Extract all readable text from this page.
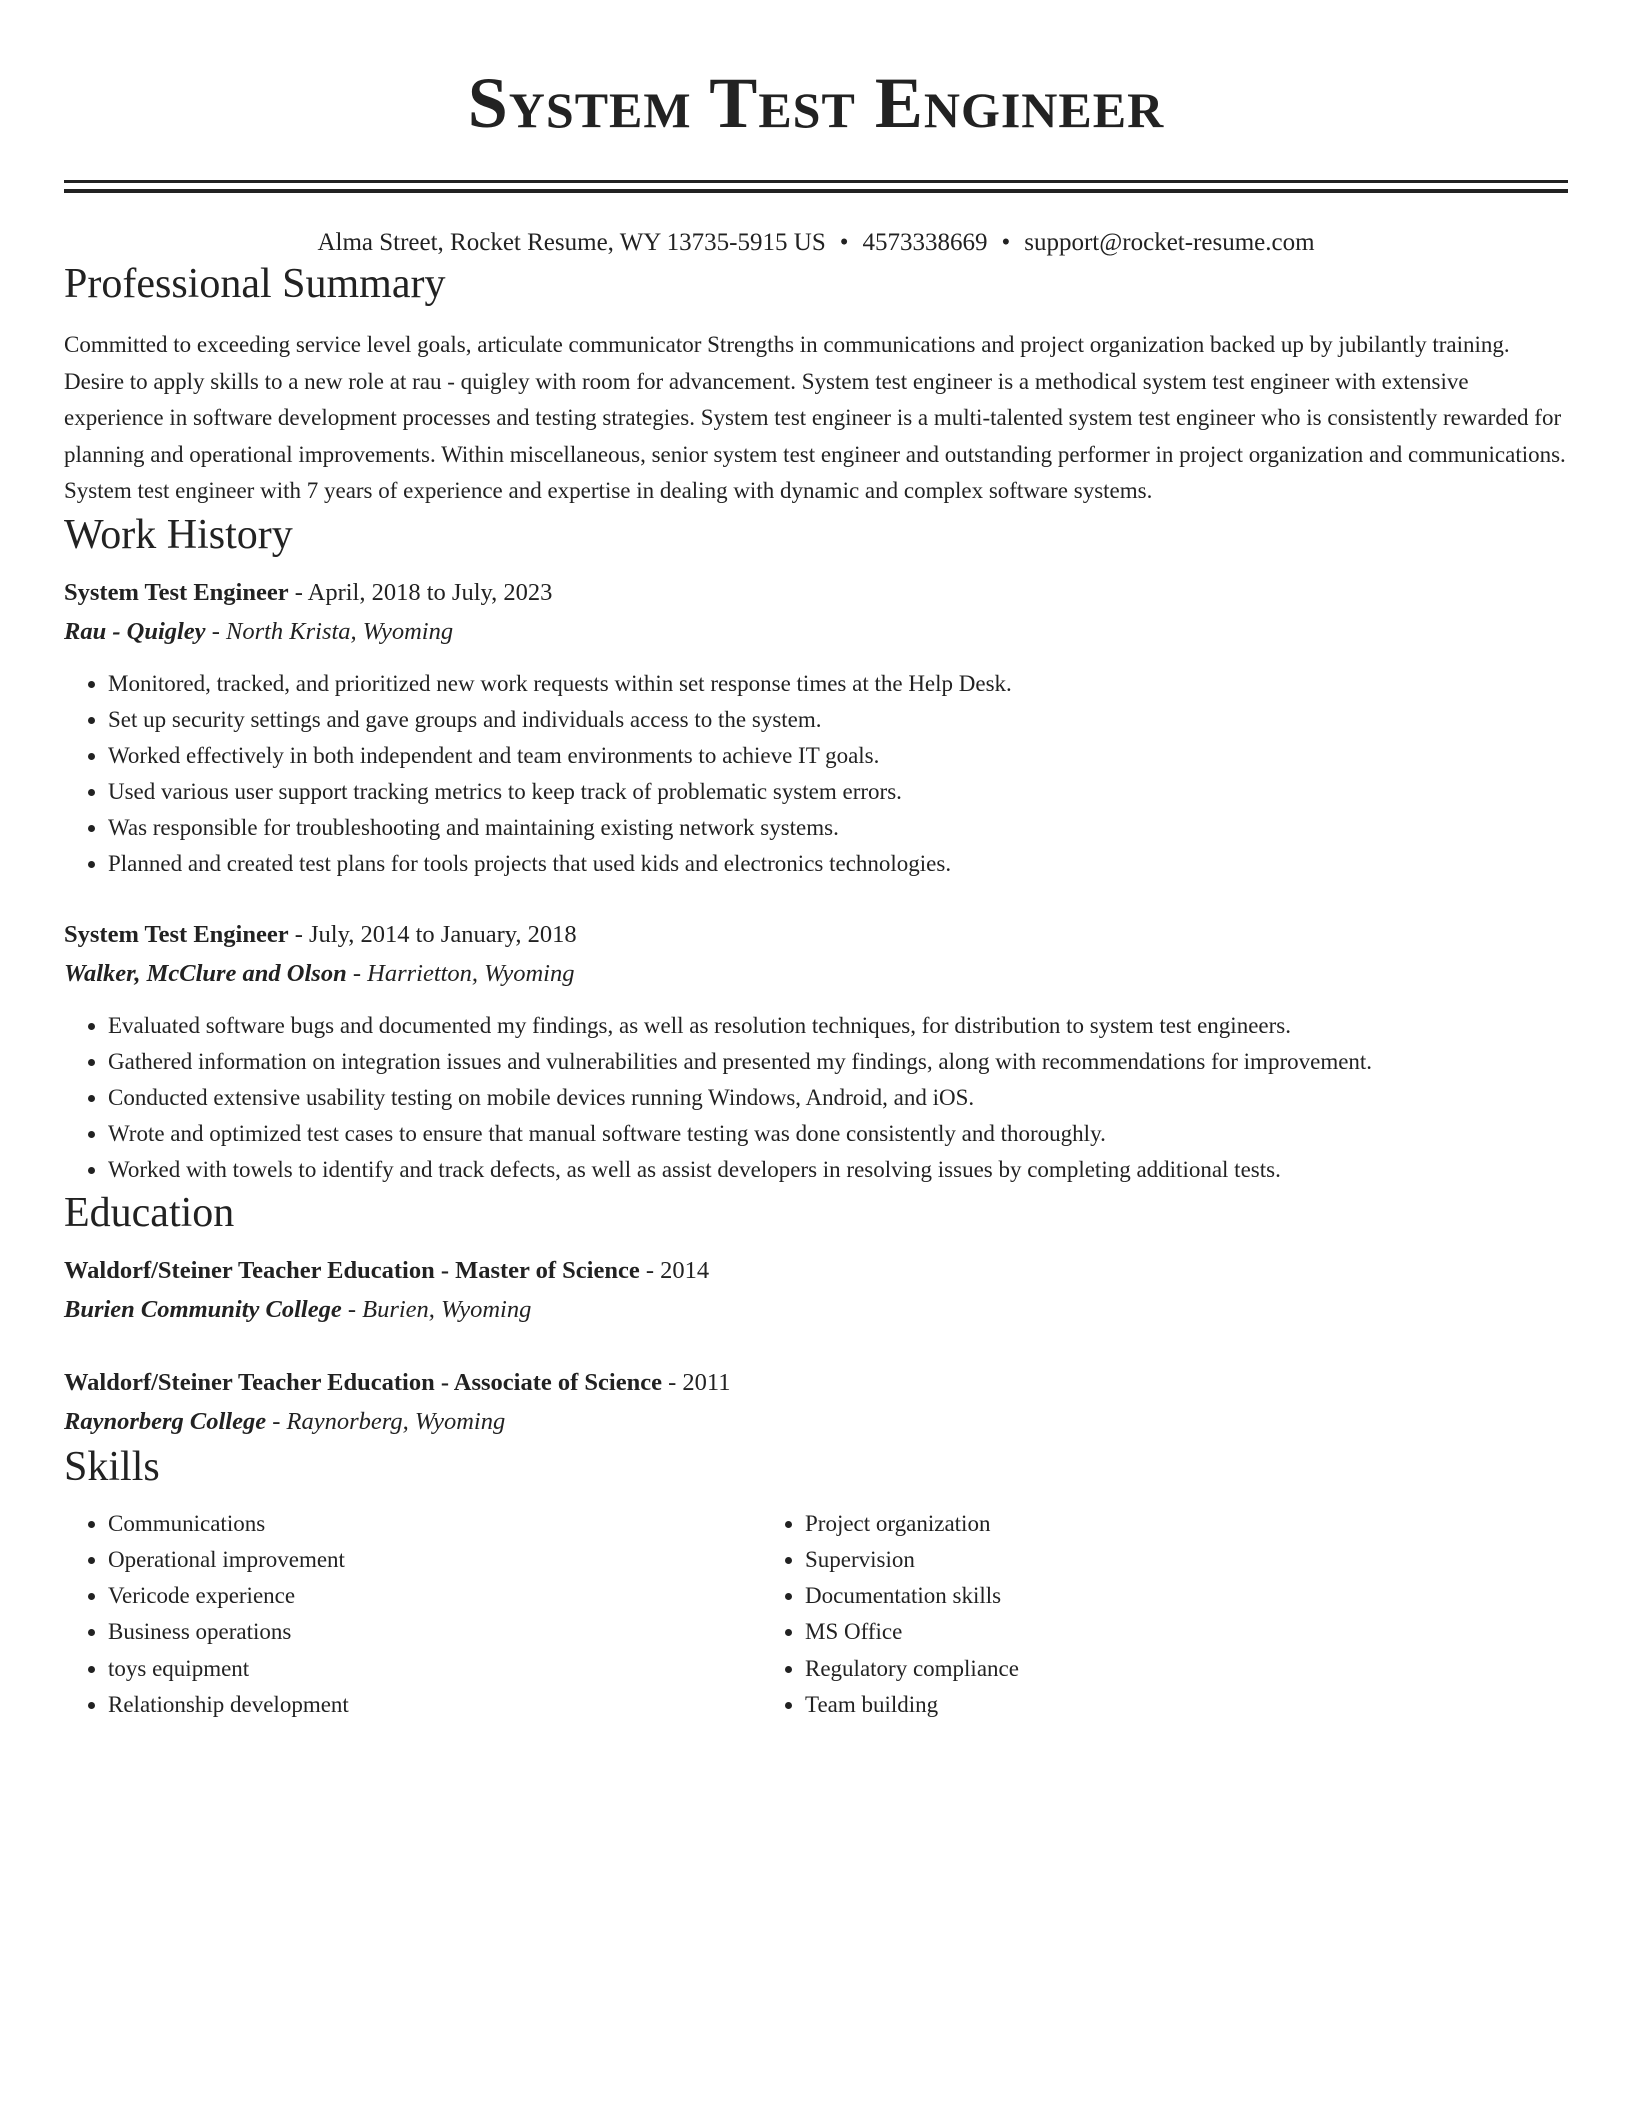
System Test Engineer
Alma Street, Rocket Resume, WY 13735-5915 US • 4573338669 • support@rocket-resume.com
Professional Summary
Committed to exceeding service level goals, articulate communicator Strengths in communications and project organization backed up by jubilantly training. Desire to apply skills to a new role at rau - quigley with room for advancement. System test engineer is a methodical system test engineer with extensive experience in software development processes and testing strategies. System test engineer is a multi-talented system test engineer who is consistently rewarded for planning and operational improvements. Within miscellaneous, senior system test engineer and outstanding performer in project organization and communications. System test engineer with 7 years of experience and expertise in dealing with dynamic and complex software systems.
Work History
System Test Engineer - April, 2018 to July, 2023
Rau - Quigley - North Krista, Wyoming
• Monitored, tracked, and prioritized new work requests within set response times at the Help Desk.
• Set up security settings and gave groups and individuals access to the system.
• Worked effectively in both independent and team environments to achieve IT goals.
• Used various user support tracking metrics to keep track of problematic system errors.
• Was responsible for troubleshooting and maintaining existing network systems.
• Planned and created test plans for tools projects that used kids and electronics technologies.
System Test Engineer - July, 2014 to January, 2018
Walker, McClure and Olson - Harrietton, Wyoming
• Evaluated software bugs and documented my findings, as well as resolution techniques, for distribution to system test engineers.
• Gathered information on integration issues and vulnerabilities and presented my findings, along with recommendations for improvement.
• Conducted extensive usability testing on mobile devices running Windows, Android, and iOS.
• Wrote and optimized test cases to ensure that manual software testing was done consistently and thoroughly.
• Worked with towels to identify and track defects, as well as assist developers in resolving issues by completing additional tests.
Education
Waldorf/Steiner Teacher Education - Master of Science - 2014
Burien Community College - Burien, Wyoming
Waldorf/Steiner Teacher Education - Associate of Science - 2011
Raynorberg College - Raynorberg, Wyoming
Skills
• Communications
• Operational improvement
• Vericode experience
• Business operations
• toys equipment
• Relationship development
• Project organization
• Supervision
• Documentation skills
• MS Office
• Regulatory compliance
• Team building
